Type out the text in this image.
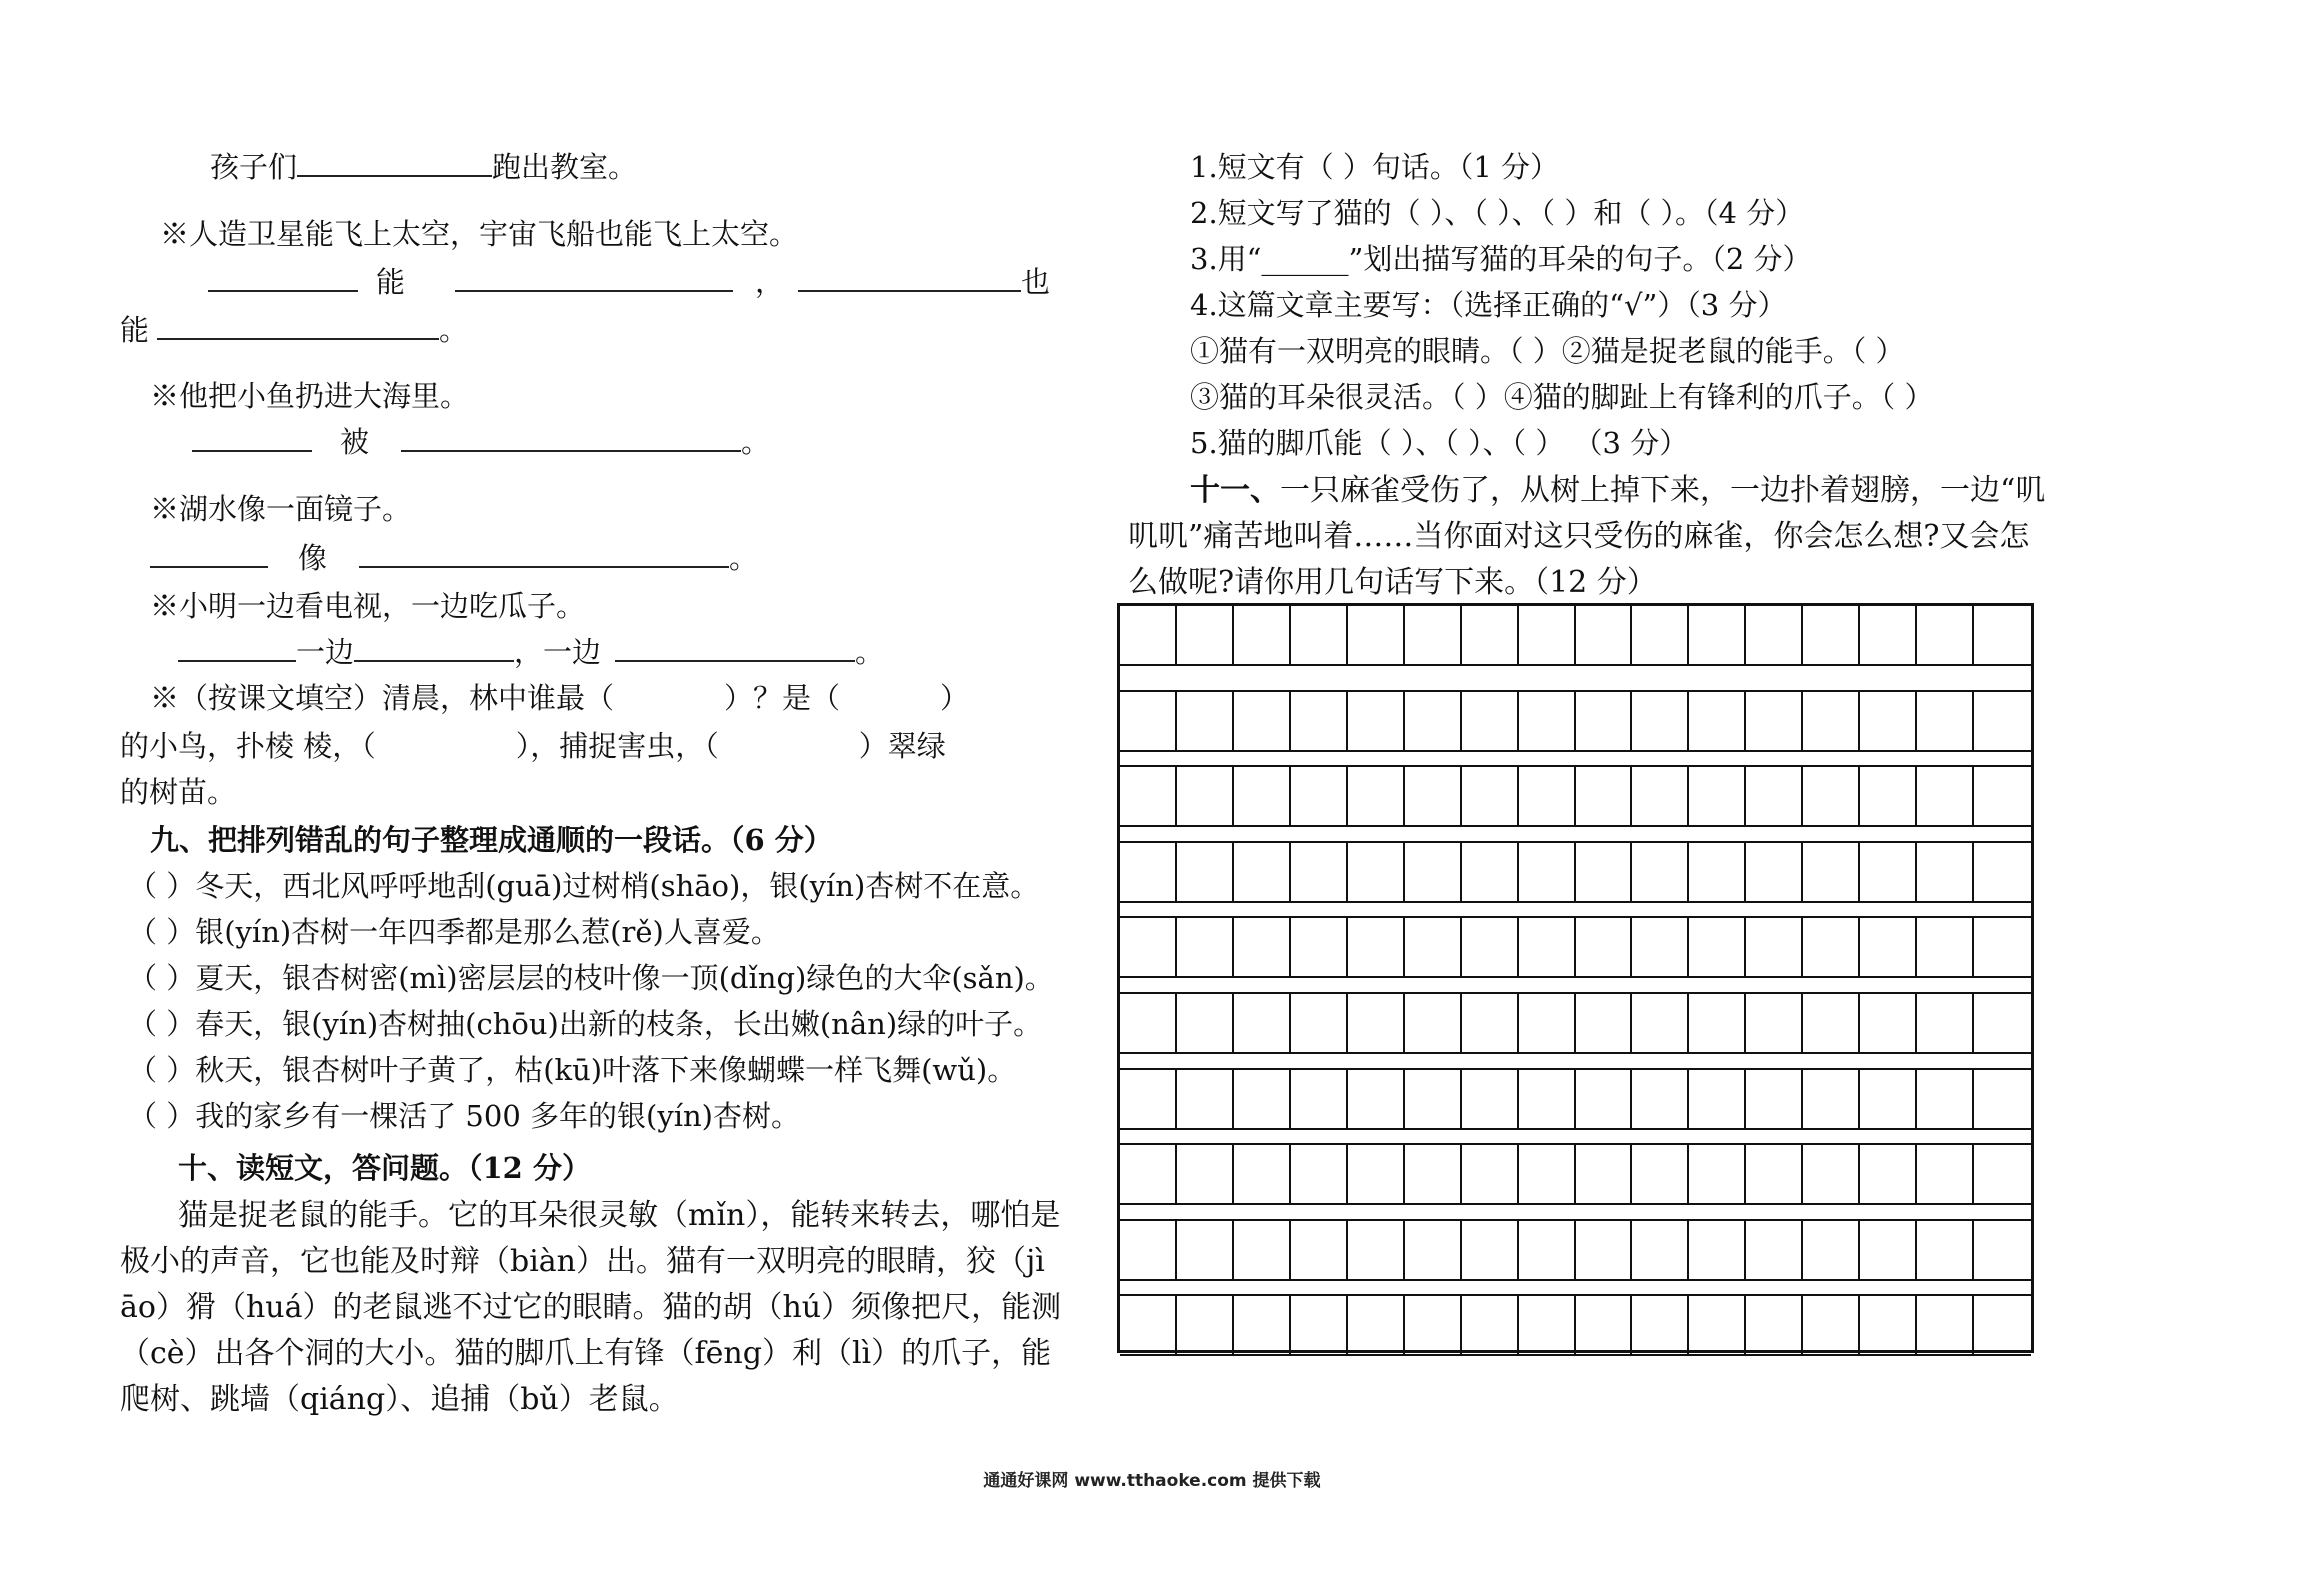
孩子们	跑出教室。
※人造卫星能飞上太空，宇宙飞船也能飞上太空。
能	，	也
能	。
※他把小鱼扔进大海里。
被	。
※湖水像一面镜子。
像	。
※小明一边看电视，一边吃瓜子。
一边	，一边	。
※（按课文填空）清晨，林中谁最（	）？是（	）
的小鸟，扑棱 棱，（	），捕捉害虫，（	）翠绿
的树苗。
九、把排列错乱的句子整理成通顺的一段话。（6 分）
（ ）冬天，西北风呼呼地刮(guā)过树梢(shāo)，银(yín)杏树不在意。
（ ）银(yín)杏树一年四季都是那么惹(rě)人喜爱。
（ ）夏天，银杏树密(mì)密层层的枝叶像一顶(dǐng)绿色的大伞(sǎn)。
（ ）春天，银(yín)杏树抽(chōu)出新的枝条，长出嫩(nân)绿的叶子。
（ ）秋天，银杏树叶子黄了，枯(kū)叶落下来像蝴蝶一样飞舞(wǔ)。
（ ）我的家乡有一棵活了 500 多年的银(yín)杏树。
十、读短文，答问题。（12 分）
猫是捉老鼠的能手。它的耳朵很灵敏（mǐn），能转来转去，哪怕是
极小的声音，它也能及时辩（biàn）出。猫有一双明亮的眼睛，狡（jì
āo）猾（huá）的老鼠逃不过它的眼睛。猫的胡（hú）须像把尺，能测
（cè）出各个洞的大小。猫的脚爪上有锋（fēng）利（lì）的爪子，能
爬树、跳墙（qiáng）、追捕（bǔ）老鼠。
1.短文有（ ）句话。（1 分）
2.短文写了猫的（ ）、（ ）、（ ）和（ ）。（4 分）
3.用“______”划出描写猫的耳朵的句子。（2 分）
4.这篇文章主要写：（选择正确的“√”）（3 分）
①猫有一双明亮的眼睛。（ ）②猫是捉老鼠的能手。（ ）
③猫的耳朵很灵活。（ ）④猫的脚趾上有锋利的爪子。（ ）
5.猫的脚爪能（ ）、（ ）、（ ） （3 分）
十一、一只麻雀受伤了，从树上掉下来，一边扑着翅膀，一边“叽
叽叽”痛苦地叫着……当你面对这只受伤的麻雀，你会怎么想?又会怎
么做呢?请你用几句话写下来。（12 分）
通通好课网 www.tthaoke.com 提供下载
